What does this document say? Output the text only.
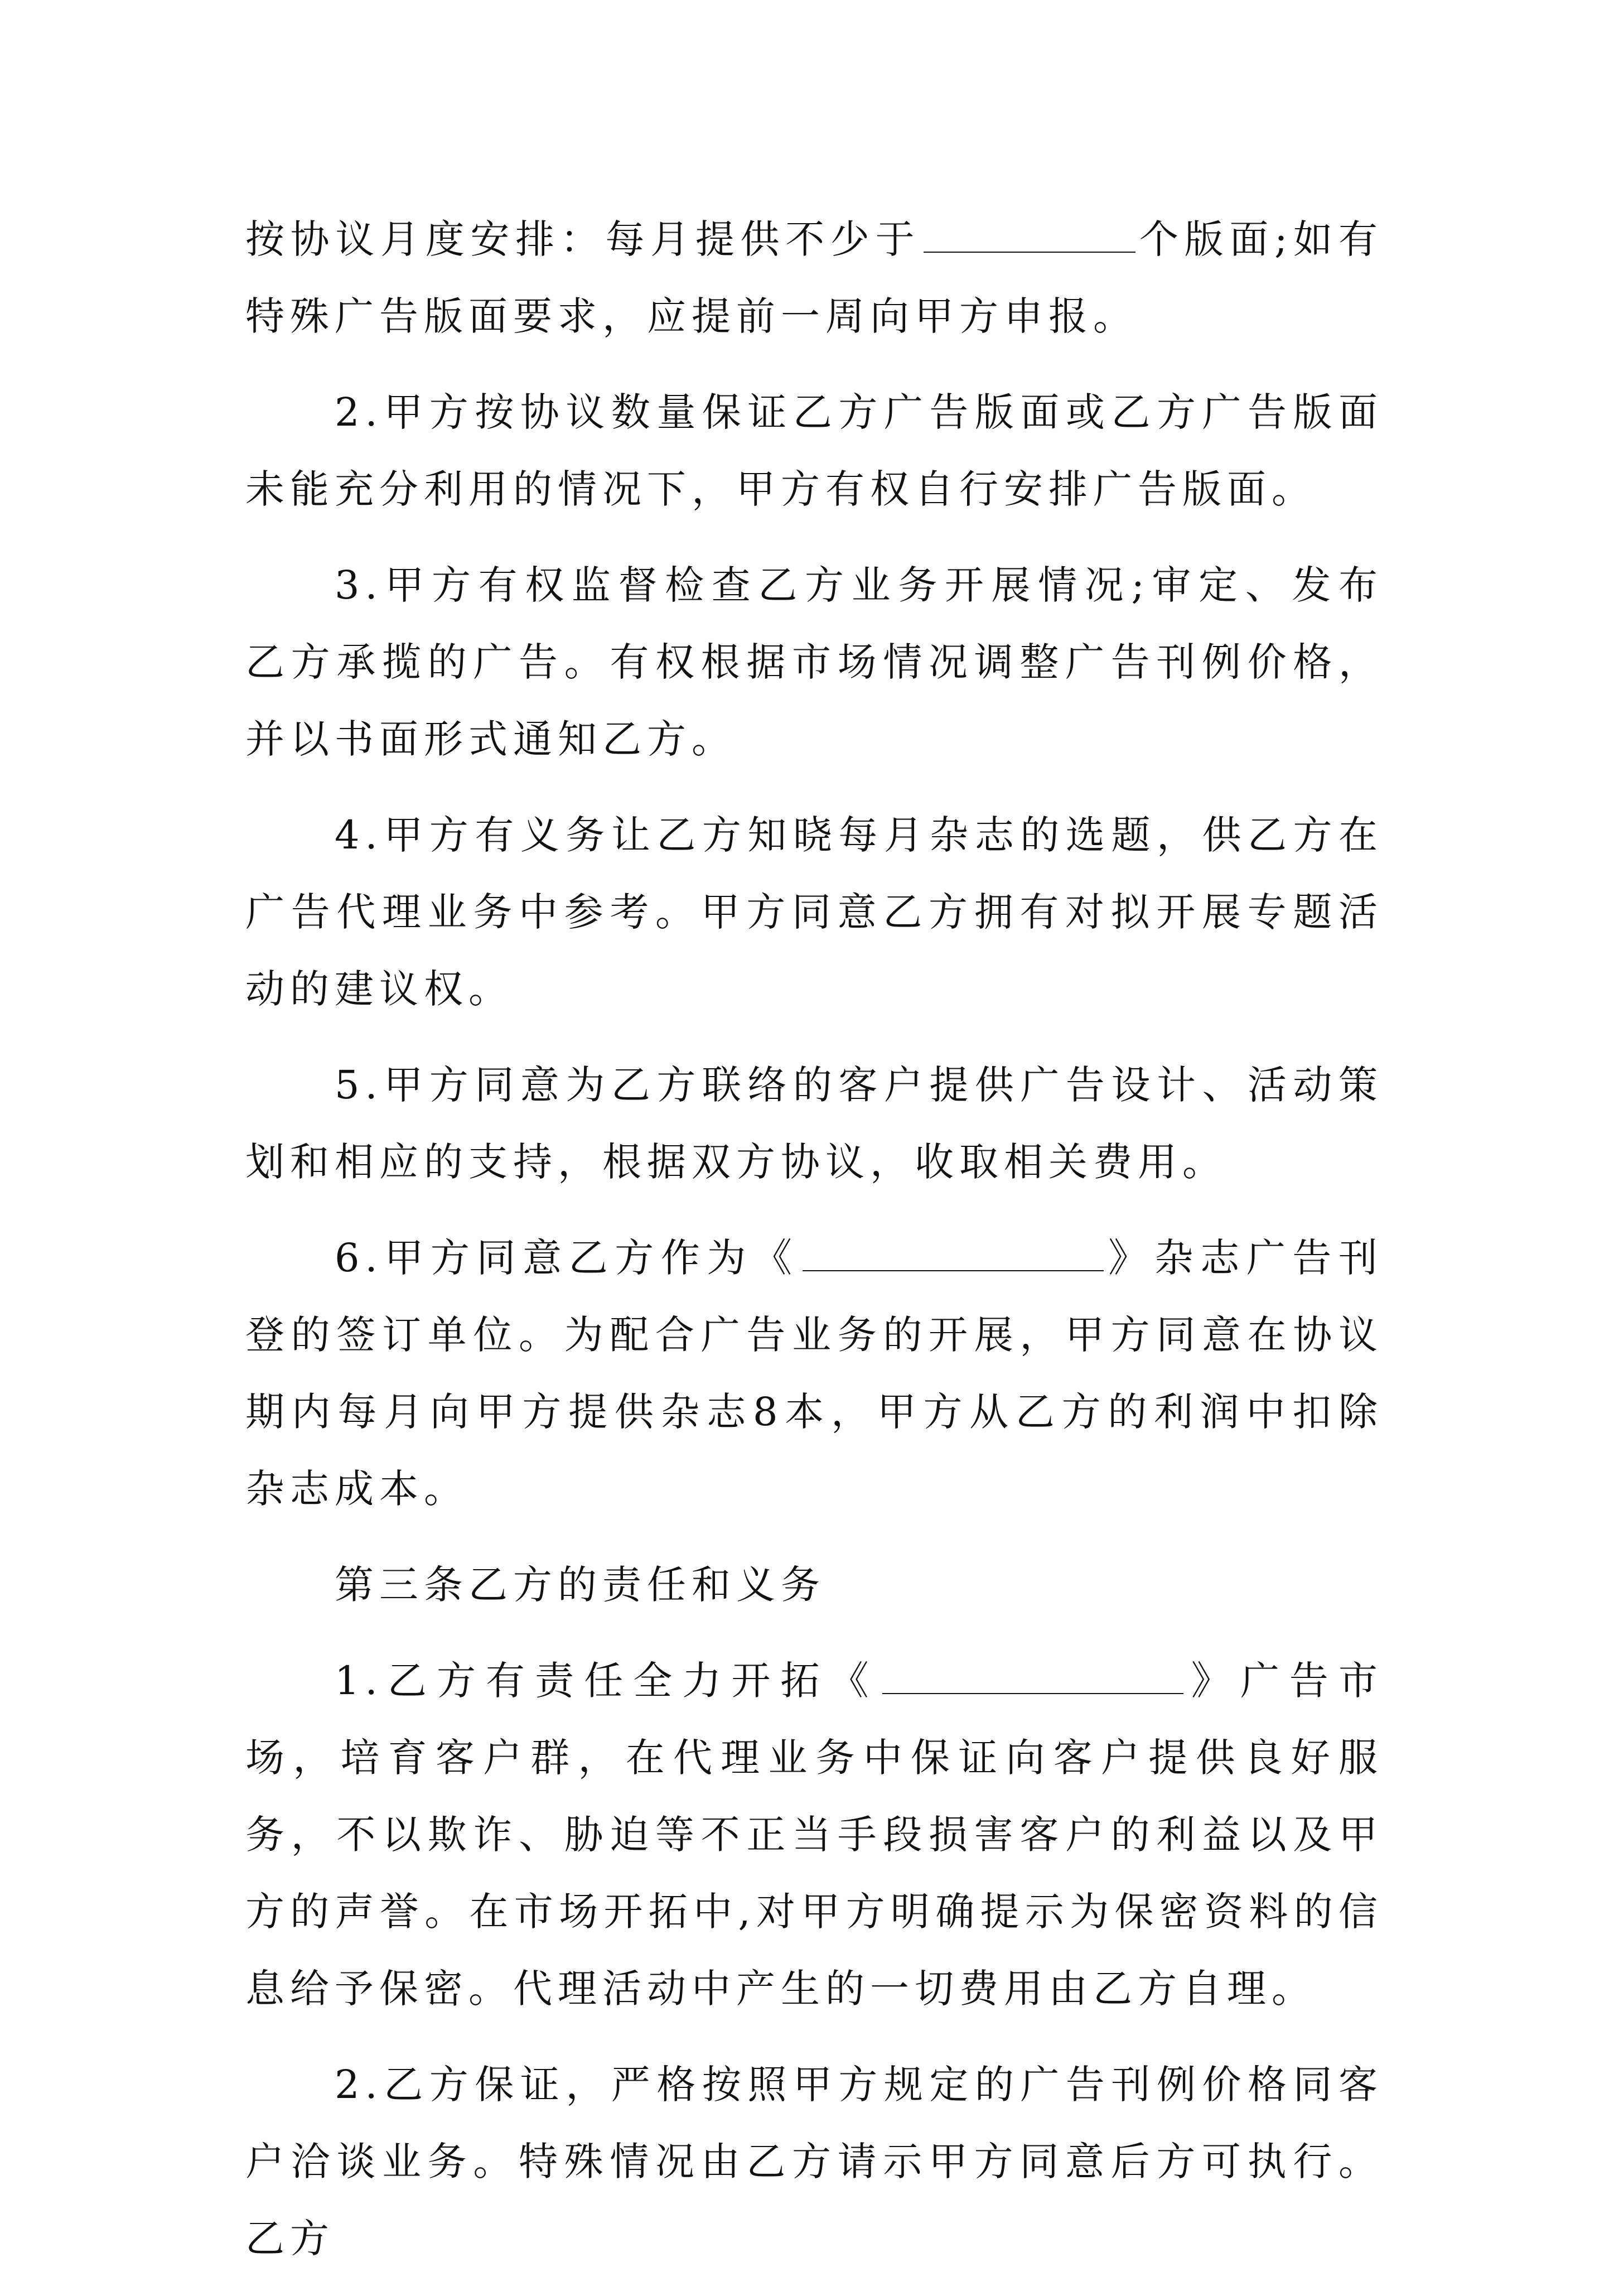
按协议月度安排：每月提供不少于	个版面;如有特殊广告版面要求，应提前一周向甲方申报。

2.甲方按协议数量保证乙方广告版面或乙方广告版面未能充分利用的情况下，甲方有权自行安排广告版面。

3.甲方有权监督检查乙方业务开展情况;审定、发布乙方承揽的广告。有权根据市场情况调整广告刊例价格，并以书面形式通知乙方。

4.甲方有义务让乙方知晓每月杂志的选题，供乙方在广告代理业务中参考。甲方同意乙方拥有对拟开展专题活动的建议权。

5.甲方同意为乙方联络的客户提供广告设计、活动策划和相应的支持，根据双方协议，收取相关费用。

6.甲方同意乙方作为《	》杂志广告刊登的签订单位。为配合广告业务的开展，甲方同意在协议期内每月向甲方提供杂志8本，甲方从乙方的利润中扣除杂志成本。

第三条乙方的责任和义务

1.乙方有责任全力开拓《	》广告市场，培育客户群，在代理业务中保证向客户提供良好服务，不以欺诈、胁迫等不正当手段损害客户的利益以及甲方的声誉。在市场开拓中,对甲方明确提示为保密资料的信息给予保密。代理活动中产生的一切费用由乙方自理。

2.乙方保证，严格按照甲方规定的广告刊例价格同客户洽谈业务。特殊情况由乙方请示甲方同意后方可执行。乙方
